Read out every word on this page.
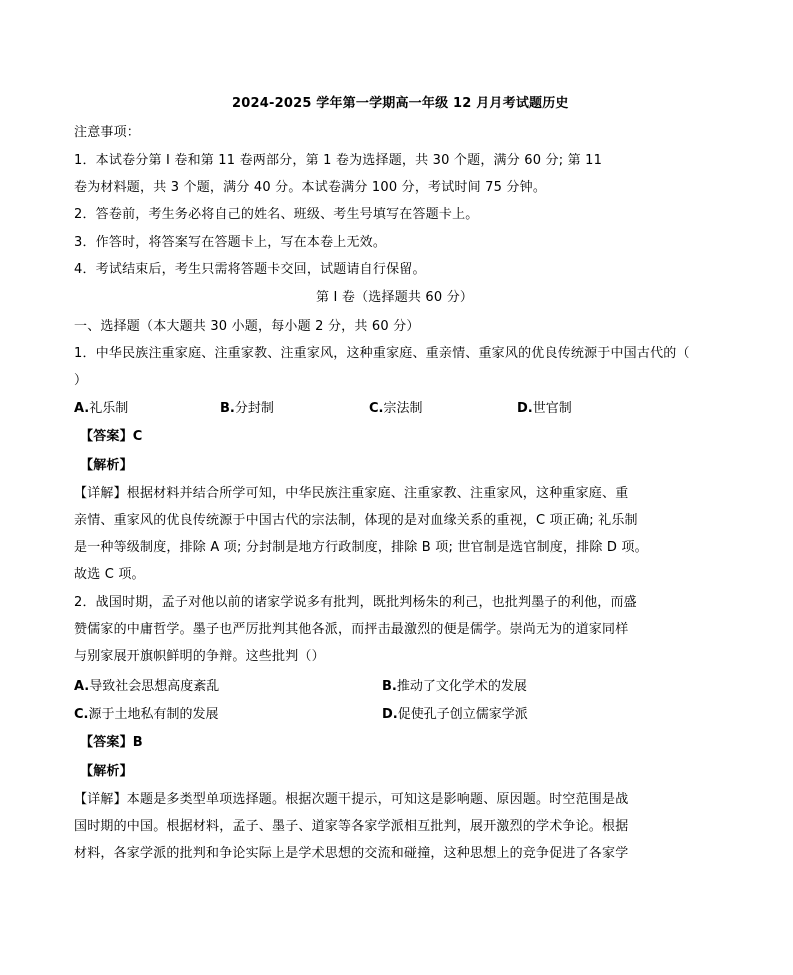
2024-2025 学年第一学期高一年级 12 月月考试题历史
注意事项：
1．本试卷分第 I 卷和第 11 卷两部分，第 1 卷为选择题，共 30 个题，满分 60 分; 第 11
卷为材料题，共 3 个题，满分 40 分。本试卷满分 100 分，考试时间 75 分钟。
2．答卷前，考生务必将自己的姓名、班级、考生号填写在答题卡上。
3．作答时，将答案写在答题卡上，写在本卷上无效。
4．考试结束后，考生只需将答题卡交回，试题请自行保留。
第 I 卷（选择题共 60 分）
一、选择题（本大题共 30 小题，每小题 2 分，共 60 分）
1．中华民族注重家庭、注重家教、注重家风，这种重家庭、重亲情、重家风的优良传统源于中国古代的（
）
A.礼乐制	B.分封制	C.宗法制	D.世官制
【答案】C
【解析】
【详解】根据材料并结合所学可知，中华民族注重家庭、注重家教、注重家风，这种重家庭、重
亲情、重家风的优良传统源于中国古代的宗法制，体现的是对血缘关系的重视，C 项正确; 礼乐制
是一种等级制度，排除 A 项; 分封制是地方行政制度，排除 B 项; 世官制是选官制度，排除 D 项。
故选 C 项。
2．战国时期，孟子对他以前的诸家学说多有批判，既批判杨朱的利己，也批判墨子的利他，而盛
赞儒家的中庸哲学。墨子也严厉批判其他各派，而抨击最激烈的便是儒学。崇尚无为的道家同样
与别家展开旗帜鲜明的争辩。这些批判（）
A.导致社会思想高度紊乱	B.推动了文化学术的发展
C.源于土地私有制的发展	D.促使孔子创立儒家学派
【答案】B
【解析】
【详解】本题是多类型单项选择题。根据次题干提示，可知这是影响题、原因题。时空范围是战
国时期的中国。根据材料，孟子、墨子、道家等各家学派相互批判，展开激烈的学术争论。根据
材料，各家学派的批判和争论实际上是学术思想的交流和碰撞，这种思想上的竞争促进了各家学
